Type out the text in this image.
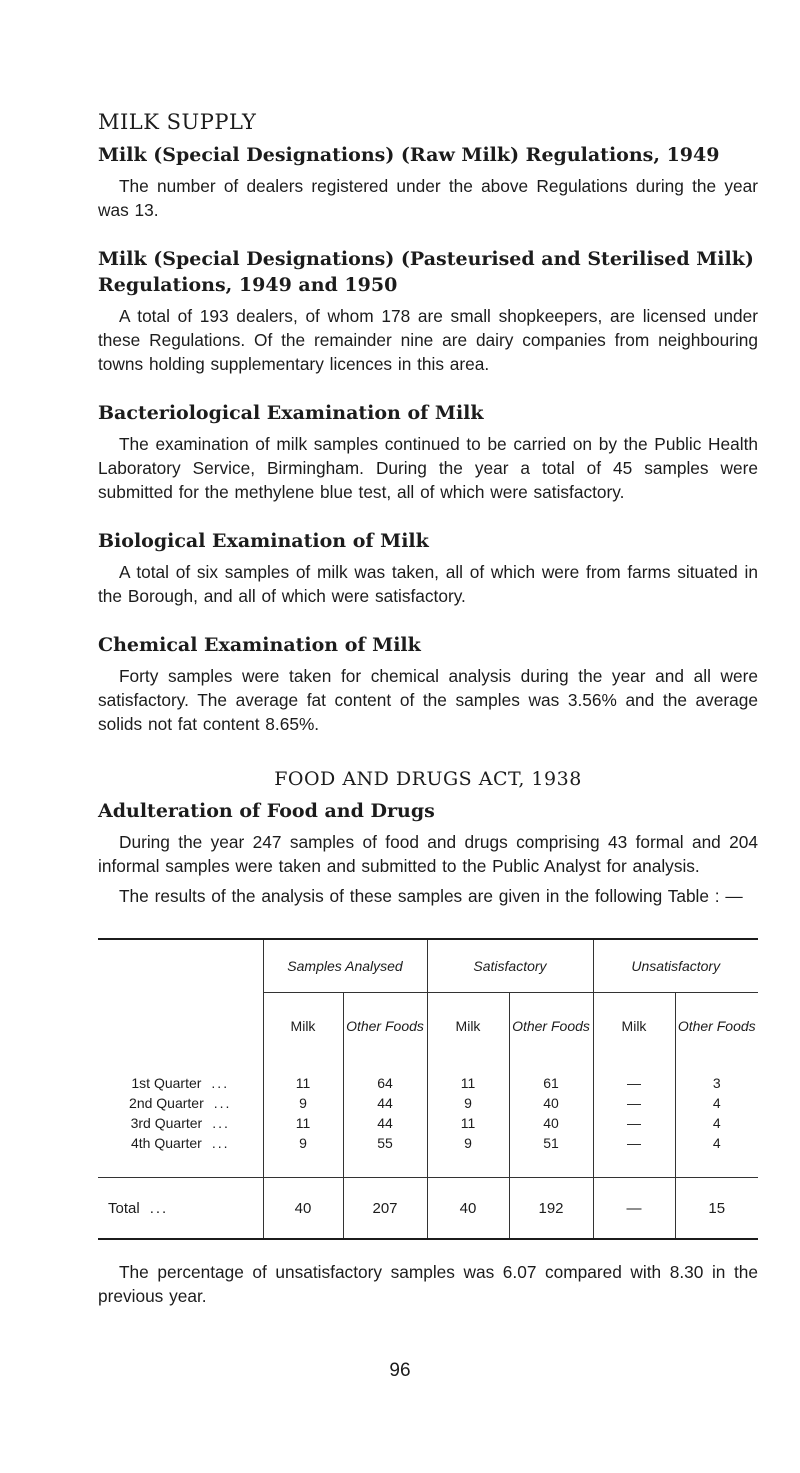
MILK SUPPLY
Milk (Special Designations) (Raw Milk) Regulations, 1949

The number of dealers registered under the above Regulations during the year was 13.

Milk (Special Designations) (Pasteurised and Sterilised Milk) Regulations, 1949 and 1950

A total of 193 dealers, of whom 178 are small shopkeepers, are licensed under these Regulations. Of the remainder nine are dairy companies from neighbouring towns holding supplementary licences in this area.

Bacteriological Examination of Milk

The examination of milk samples continued to be carried on by the Public Health Laboratory Service, Birmingham. During the year a total of 45 samples were submitted for the methylene blue test, all of which were satisfactory.

Biological Examination of Milk

A total of six samples of milk was taken, all of which were from farms situated in the Borough, and all of which were satisfactory.

Chemical Examination of Milk

Forty samples were taken for chemical analysis during the year and all were satisfactory. The average fat content of the samples was 3.56% and the average solids not fat content 8.65%.

FOOD AND DRUGS ACT, 1938
Adulteration of Food and Drugs

During the year 247 samples of food and drugs comprising 43 formal and 204 informal samples were taken and submitted to the Public Analyst for analysis.

The results of the analysis of these samples are given in the following Table : —

	Samples Analysed		Satisfactory		Unsatisfactory	
	Milk	Other Foods	Milk	Other Foods	Milk	Other Foods
1st Quarter ...	11	64	11	61	—	3
2nd Quarter ...	9	44	9	40	—	4
3rd Quarter ...	11	44	11	40	—	4
4th Quarter ...	9	55	9	51	—	4
Total ...	40	207	40	192	—	15

The percentage of unsatisfactory samples was 6.07 compared with 8.30 in the previous year.

96
